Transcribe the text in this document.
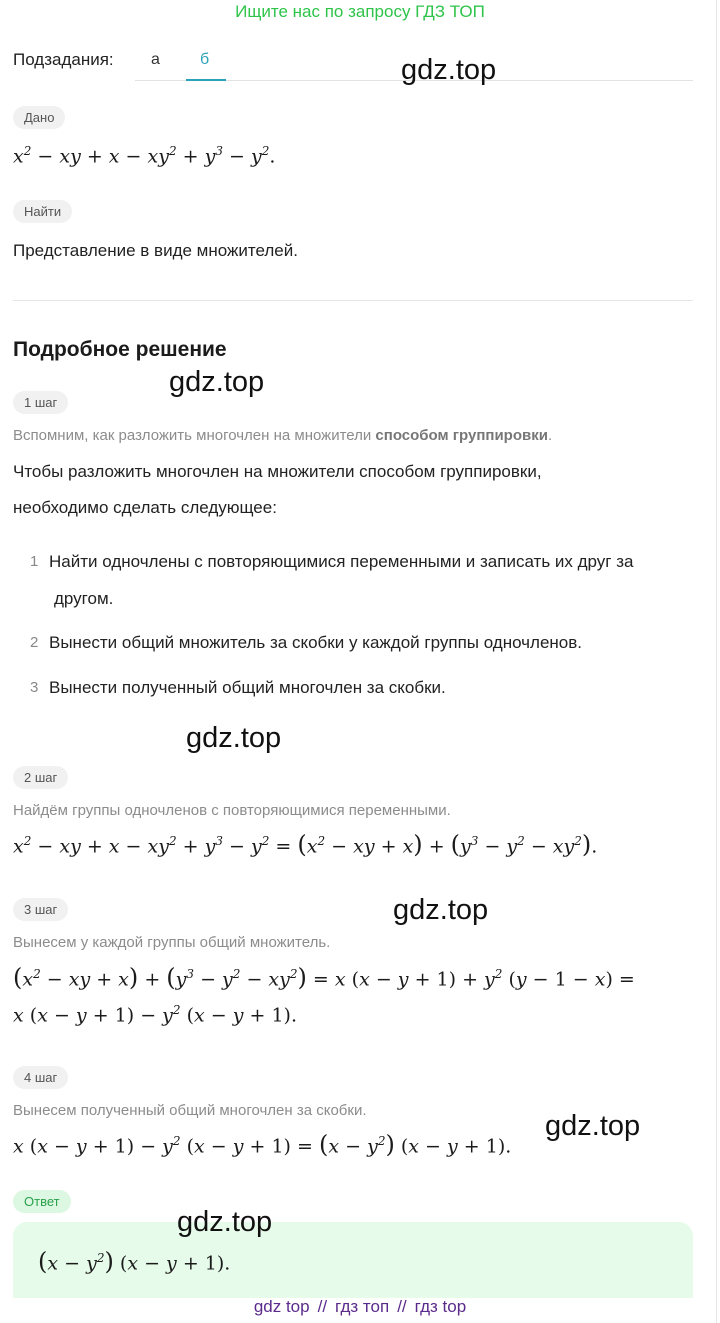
Ищите нас по запросу ГДЗ ТОП
Подзадания: а	б	gdz.top
Дано
$x^2$ − xy + $x - xy^2 + y^3 - y^2$.
Найти
Представление в виде множителей.
Подробное решение
gdz.top
1 шаг
Вспомним, как разложить многочлен на множители способом группировки.
Чтобы разложить многочлен на множители способом группировки,
необходимо сделать следующее:
1 Найти одночлены с повторяющимися переменными и записать их друг за
другом.
2 Вынести общий множитель за скобки у каждой группы одночленов.
3 Вынести полученный общий многочлен за скобки.
gdz.top
2 шаг
Найдём группы одночленов с повторяющимися переменными.
$x^2$ − xy + $x - xy^2 + y^3 - y^2 = (x^2$ − xy + $x) + (y^3 - y^2 - xy^2)$.
gdz.top
3 шаг
Вынесем у каждой группы общий множитель.
($x^2$ − xy + $x) + (y^3 - y^2 - xy^2) = x$ $(x - y + 1) + y^2$ (y − 1 − x) =
x $(x - y + 1) - y^2$ (x − y + 1).
4 шаг
Вынесем полученный общий многочлен за скобки.	gdz.top
x $(x - y + 1) - y^2$ $(x - y + 1) = (x - y^2)$ (x − y + 1).
Ответ
gdz.top
$(x - y^2)$ (x − y + 1).
gdz top // гдз топ // гдз top
